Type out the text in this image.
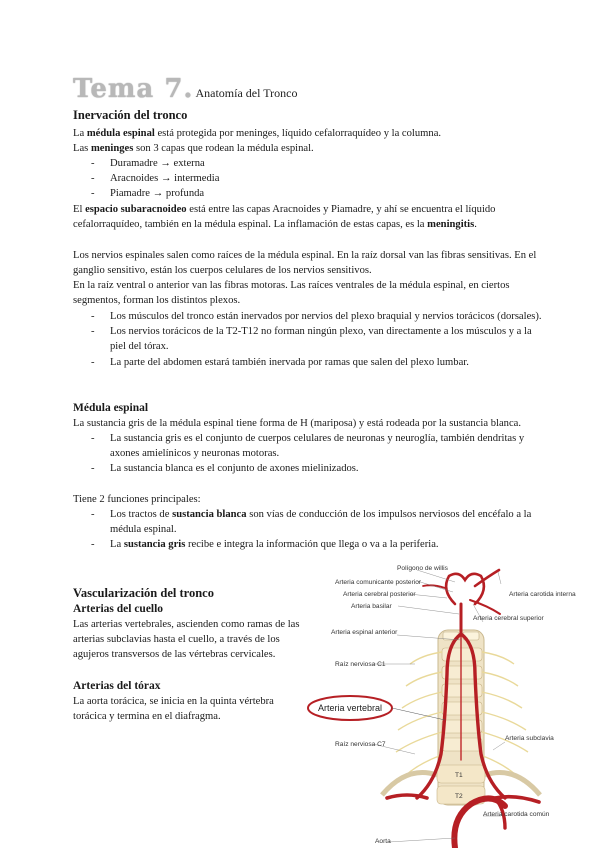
Tema 7. Anatomía del Tronco
Inervación del tronco

La médula espinal está protegida por meninges, líquido cefalorraquídeo y la columna.

Las meninges son 3 capas que rodean la médula espinal.

- Duramadre → externa
- Aracnoides → intermedia
- Piamadre → profunda

El espacio subaracnoideo está entre las capas Aracnoides y Piamadre, y ahí se encuentra el líquido cefalorraquídeo, también en la médula espinal. La inflamación de estas capas, es la meningitis.

Los nervios espinales salen como raíces de la médula espinal. En la raíz dorsal van las fibras sensitivas. En el ganglio sensitivo, están los cuerpos celulares de los nervios sensitivos.

En la raíz ventral o anterior van las fibras motoras. Las raíces ventrales de la médula espinal, en ciertos segmentos, forman los distintos plexos.

- Los músculos del tronco están inervados por nervios del plexo braquial y nervios torácicos (dorsales).
- Los nervios torácicos de la T2-T12 no forman ningún plexo, van directamente a los músculos y a la piel del tórax.
- La parte del abdomen estará también inervada por ramas que salen del plexo lumbar.
Médula espinal

La sustancia gris de la médula espinal tiene forma de H (mariposa) y está rodeada por la sustancia blanca.

- La sustancia gris es el conjunto de cuerpos celulares de neuronas y neuroglía, también dendritas y axones amielínicos y neuronas motoras.
- La sustancia blanca es el conjunto de axones mielinizados.

Tiene 2 funciones principales:

- Los tractos de sustancia blanca son vías de conducción de los impulsos nerviosos del encéfalo a la médula espinal.
- La sustancia gris recibe e integra la información que llega o va a la periferia.
Vascularización del tronco
Arterias del cuello

Las arterias vertebrales, ascienden como ramas de las arterias subclavias hasta el cuello, a través de los agujeros transversos de las vértebras cervicales.

Arterias del tórax

La aorta torácica, se inicia en la quinta vértebra torácica y termina en el diafragma.

Polígono de willis
Arteria comunicante posterior
Arteria cerebral posterior
Arteria basilar
Arteria espinal anterior
Raíz nerviosa C1
Arteria vertebral
Raíz nerviosa C7
Arteria carotida interna
Arteria cerebral superior
Arteria subclavia
Arteria carotida común
Aorta
T1
T2
